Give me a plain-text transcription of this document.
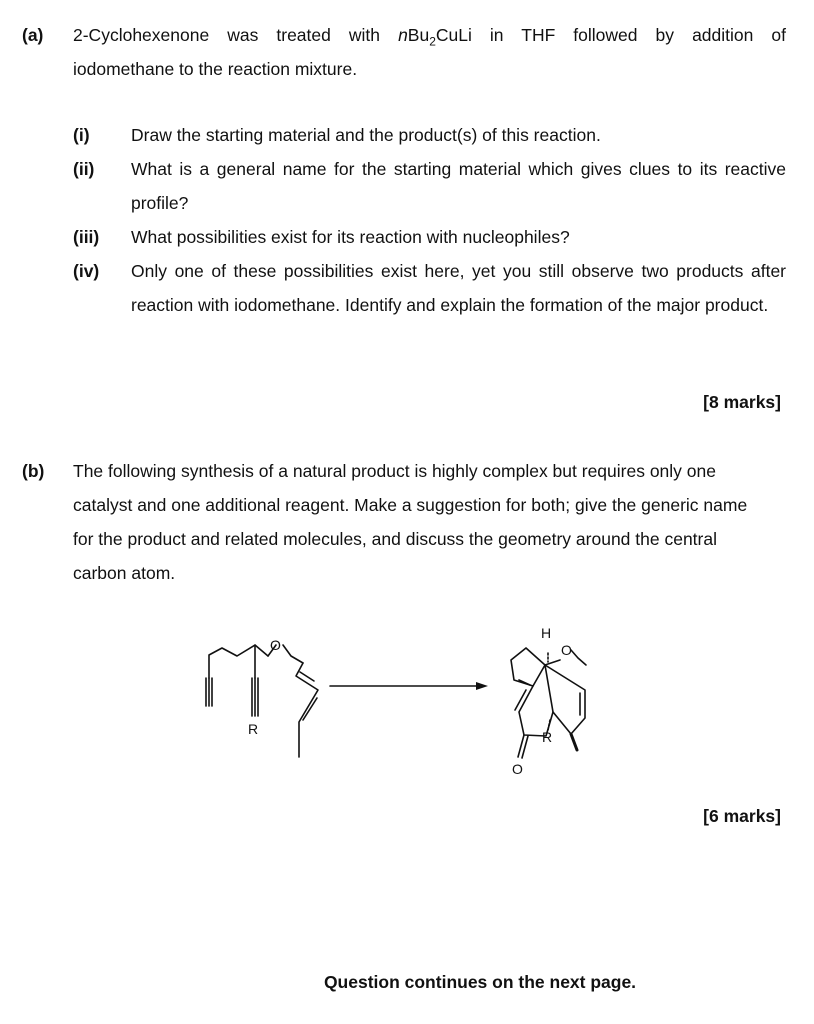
(a) 2-Cyclohexenone was treated with nBu$_2$CuLi in THF followed by addition of
iodomethane to the reaction mixture.
(i) Draw the starting material and the product(s) of this reaction.
(ii) What is a general name for the starting material which gives clues to its reactive profile?
(iii) What possibilities exist for its reaction with nucleophiles?
(iv) Only one of these possibilities exist here, yet you still observe two products after reaction with iodomethane. Identify and explain the formation of the major product.
[8 marks]
(b) The following synthesis of a natural product is highly complex but requires only one catalyst and one additional reagent. Make a suggestion for both; give the generic name for the product and related molecules, and discuss the geometry around the central carbon atom.
O
R
H
O
R
O
[6 marks]
Question continues on the next page.
